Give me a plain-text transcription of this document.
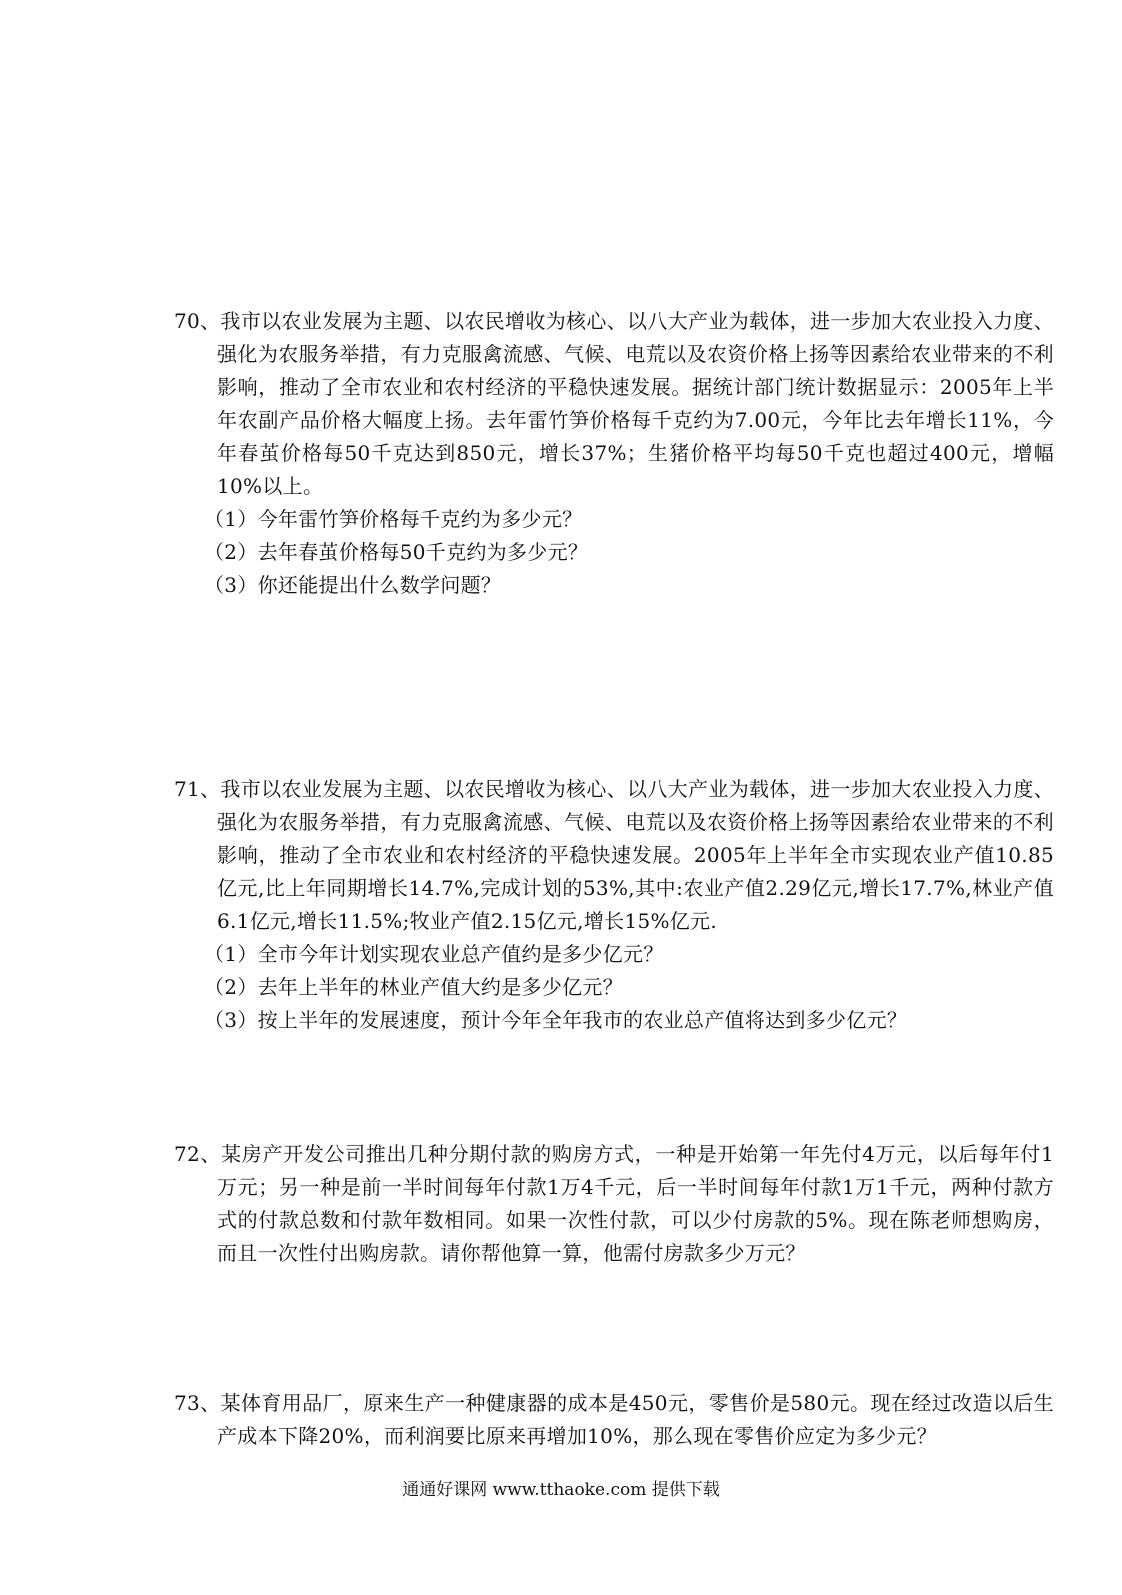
70、我市以农业发展为主题、以农民增收为核心、以八大产业为载体，进一步加大农业投入力度、强化为农服务举措，有力克服禽流感、气候、电荒以及农资价格上扬等因素给农业带来的不利影响，推动了全市农业和农村经济的平稳快速发展。据统计部门统计数据显示：2005年上半年农副产品价格大幅度上扬。去年雷竹笋价格每千克约为7.00元，今年比去年增长11%，今年春茧价格每50千克达到850元，增长37%；生猪价格平均每50千克也超过400元，增幅10%以上。

（1）今年雷竹笋价格每千克约为多少元？

（2）去年春茧价格每50千克约为多少元？

（3）你还能提出什么数学问题？

71、我市以农业发展为主题、以农民增收为核心、以八大产业为载体，进一步加大农业投入力度、强化为农服务举措，有力克服禽流感、气候、电荒以及农资价格上扬等因素给农业带来的不利影响，推动了全市农业和农村经济的平稳快速发展。2005年上半年全市实现农业产值10.85亿元,比上年同期增长14.7%,完成计划的53%,其中:农业产值2.29亿元,增长17.7%,林业产值6.1亿元,增长11.5%;牧业产值2.15亿元,增长15%亿元.

（1）全市今年计划实现农业总产值约是多少亿元？

（2）去年上半年的林业产值大约是多少亿元？

（3）按上半年的发展速度，预计今年全年我市的农业总产值将达到多少亿元？

72、某房产开发公司推出几种分期付款的购房方式，一种是开始第一年先付4万元，以后每年付1万元；另一种是前一半时间每年付款1万4千元，后一半时间每年付款1万1千元，两种付款方式的付款总数和付款年数相同。如果一次性付款，可以少付房款的5%。现在陈老师想购房，而且一次性付出购房款。请你帮他算一算，他需付房款多少万元？

73、某体育用品厂，原来生产一种健康器的成本是450元，零售价是580元。现在经过改造以后生产成本下降20%，而利润要比原来再增加10%，那么现在零售价应定为多少元？

通通好课网 www.tthaoke.com 提供下载
